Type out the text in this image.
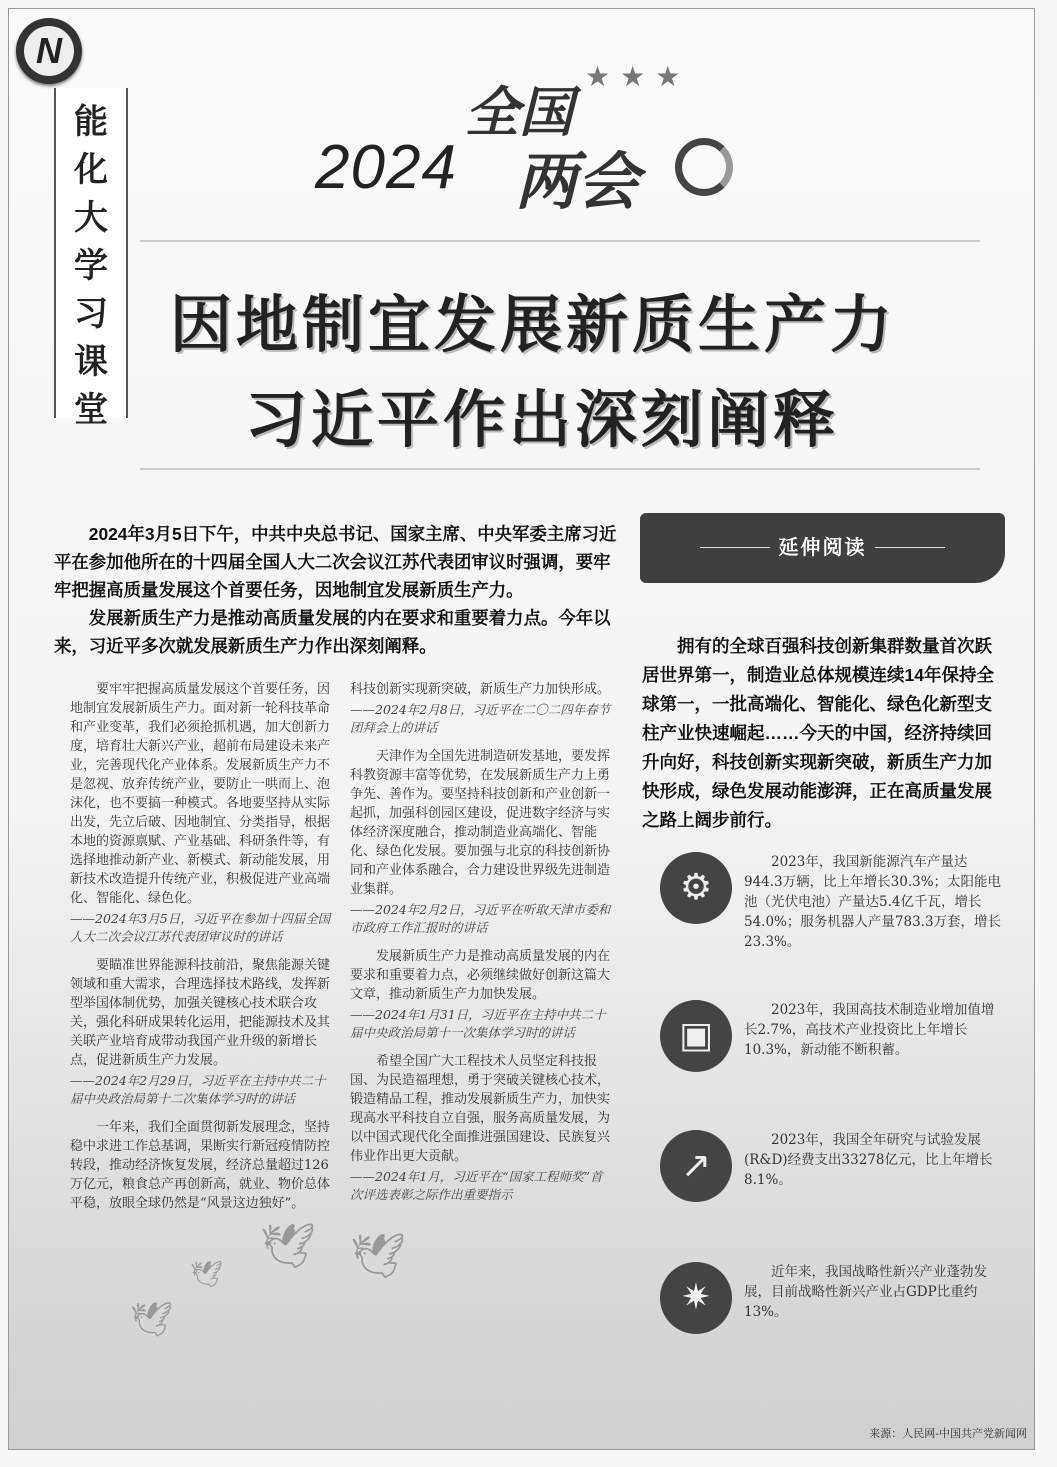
N
能
化
大
学
习
课
堂
★★★
全国
2024 两会
因地制宜发展新质生产力
习近平作出深刻阐释

2024年3月5日下午，中共中央总书记、国家主席、中央军委主席习近平在参加他所在的十四届全国人大二次会议江苏代表团审议时强调，要牢牢把握高质量发展这个首要任务，因地制宜发展新质生产力。

发展新质生产力是推动高质量发展的内在要求和重要着力点。今年以来，习近平多次就发展新质生产力作出深刻阐释。

要牢牢把握高质量发展这个首要任务，因地制宜发展新质生产力。面对新一轮科技革命和产业变革，我们必须抢抓机遇，加大创新力度，培育壮大新兴产业，超前布局建设未来产业，完善现代化产业体系。发展新质生产力不是忽视、放弃传统产业，要防止一哄而上、泡沫化，也不要搞一种模式。各地要坚持从实际出发，先立后破、因地制宜、分类指导，根据本地的资源禀赋、产业基础、科研条件等，有选择地推动新产业、新模式、新动能发展，用新技术改造提升传统产业，积极促进产业高端化、智能化、绿色化。
——2024年3月5日，习近平在参加十四届全国人大二次会议江苏代表团审议时的讲话
要瞄准世界能源科技前沿，聚焦能源关键领域和重大需求，合理选择技术路线，发挥新型举国体制优势，加强关键核心技术联合攻关，强化科研成果转化运用，把能源技术及其关联产业培育成带动我国产业升级的新增长点，促进新质生产力发展。
——2024年2月29日，习近平在主持中共二十届中央政治局第十二次集体学习时的讲话
一年来，我们全面贯彻新发展理念，坚持稳中求进工作总基调，果断实行新冠疫情防控转段，推动经济恢复发展，经济总量超过126万亿元，粮食总产再创新高，就业、物价总体平稳，放眼全球仍然是“风景这边独好”。
科技创新实现新突破，新质生产力加快形成。
——2024年2月8日，习近平在二〇二四年春节团拜会上的讲话
天津作为全国先进制造研发基地，要发挥科教资源丰富等优势，在发展新质生产力上勇争先、善作为。要坚持科技创新和产业创新一起抓，加强科创园区建设，促进数字经济与实体经济深度融合，推动制造业高端化、智能化、绿色化发展。要加强与北京的科技创新协同和产业体系融合，合力建设世界级先进制造业集群。
——2024年2月2日，习近平在听取天津市委和市政府工作汇报时的讲话
发展新质生产力是推动高质量发展的内在要求和重要着力点，必须继续做好创新这篇大文章，推动新质生产力加快发展。
——2024年1月31日，习近平在主持中共二十届中央政治局第十一次集体学习时的讲话
希望全国广大工程技术人员坚定科技报国、为民造福理想，勇于突破关键核心技术，锻造精品工程，推动发展新质生产力，加快实现高水平科技自立自强，服务高质量发展，为以中国式现代化全面推进强国建设、民族复兴伟业作出更大贡献。
——2024年1月，习近平在“国家工程师奖”首次评选表彰之际作出重要指示
延伸阅读
拥有的全球百强科技创新集群数量首次跃居世界第一，制造业总体规模连续14年保持全球第一，一批高端化、智能化、绿色化新型支柱产业快速崛起……今天的中国，经济持续回升向好，科技创新实现新突破，新质生产力加快形成，绿色发展动能澎湃，正在高质量发展之路上阔步前行。
⚙
2023年，我国新能源汽车产量达944.3万辆，比上年增长30.3%；太阳能电池（光伏电池）产量达5.4亿千瓦，增长54.0%；服务机器人产量783.3万套，增长23.3%。
▣
2023年，我国高技术制造业增加值增长2.7%，高技术产业投资比上年增长10.3%，新动能不断积蓄。
↗
2023年，我国全年研究与试验发展(R&D)经费支出33278亿元，比上年增长8.1%。
✷
近年来，我国战略性新兴产业蓬勃发展，目前战略性新兴产业占GDP比重约13%。
🕊 🕊
🕊
🕊
来源：人民网-中国共产党新闻网
